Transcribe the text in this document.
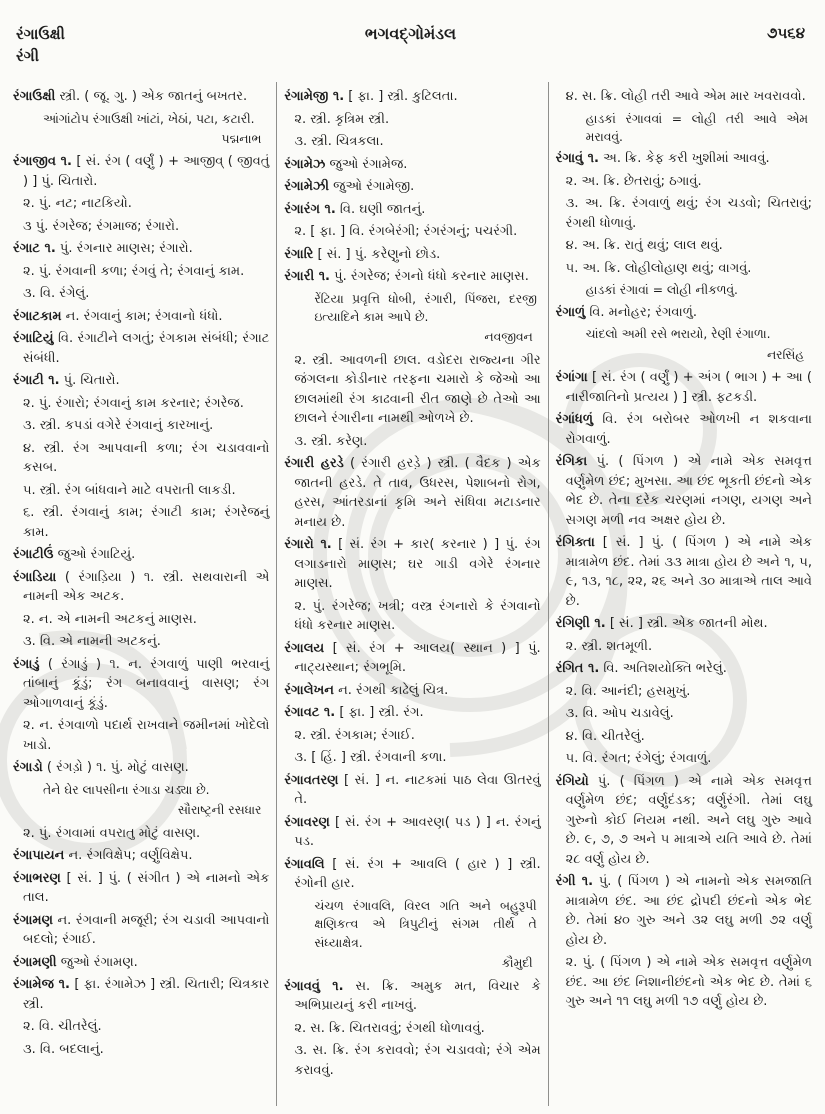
રંગાઉક્ષી
રંગી
ભગવદ્ગોમંડલ	૭૫૬૪

રંગાઉક્ષી સ્ત્રી. ( જૂ. ગુ. ) એક જાતનું બખતર.

આંગાંટોપ રંગાઉક્ષી ખાંટાં, ખેઠાં, પટા, કટારી.

પદ્મનાભ

રંગાજીવ ૧. [ સં. રંગ ( વર્ણું ) + આજીવ્ ( જીવતું ) ] પું. ચિતારો.

૨. પું. નટ; નાટકિયો.

૩ પું. રંગરેજ; રંગમાજ; રંગારો.

રંગાટ ૧. પું. રંગનાર માણસ; રંગારો.

૨. પું. રંગવાની કળા; રંગવું તે; રંગવાનું કામ.

૩. વિ. રંગેલું.

રંગાટકામ ન. રંગવાનું કામ; રંગવાનો ધંધો.

રંગાટિયું વિ. રંગાટીને લગતું; રંગકામ સંબંધી; રંગાટ સંબંધી.

રંગાટી ૧. પું. ચિતારો.

૨. પું. રંગારો; રંગવાનું કામ કરનાર; રંગરેજ.

૩. સ્ત્રી. કપડાં વગેરે રંગવાનું કારખાનું.

૪. સ્ત્રી. રંગ આપવાની કળા; રંગ ચડાવવાનો કસબ.

૫. સ્ત્રી. રંગ બાંધવાને માટે વપરાતી લાકડી.

૬. સ્ત્રી. રંગવાનું કામ; રંગાટી કામ; રંગરેજનું કામ.

રંગાટીઉં જુઓ રંગાટિયું.

રંગાડિયા ( રંગાડ઼િયા ) ૧. સ્ત્રી. સથવારાની એ નામની એક અટક.

૨. ન. એ નામની અટકનું માણસ.

૩. વિ. એ નામની અટકનું.

રંગાડું ( રંગાડું ) ૧. ન. રંગવાળું પાણી ભરવાનું તાંબાનું કૂંડું; રંગ બનાવવાનું વાસણ; રંગ ઓગાળવાનું કૂંડું.

૨. ન. રંગવાળો પદાર્થ રાખવાને જમીનમાં ખોદેલો ખાડો.

રંગાડો ( રંગડ઼ો ) ૧. પું. મોટું વાસણ.

તેને ઘેર લાપસીના રંગાડા ચડ્યા છે.

સૌરાષ્ટ્રની રસધાર

૨. પું. રંગવામાં વપરાતુ મોટું વાસણ.

રંગાપાયન ન. રંગવિક્ષેપ; વર્ણુવિક્ષેપ.

રંગાભરણ [ સં. ] પું. ( સંગીત ) એ નામનો એક તાલ.

રંગામણ ન. રંગવાની મજૂરી; રંગ ચડાવી આપવાનો બદલો; રંગાઈ.

રંગામણી જુઓ રંગામણ.

રંગામેજ ૧. [ ફા. રંગામેઝ ] સ્ત્રી. ચિતારી; ચિત્રકાર સ્ત્રી.

૨. વિ. ચીતરેલું.

૩. વિ. બદલાનું.

રંગામેજી ૧. [ ફા. ] સ્ત્રી. કુટિલતા.

૨. સ્ત્રી. કૃત્રિમ સ્ત્રી.

૩. સ્ત્રી. ચિત્રકલા.

રંગામેઝ જુઓ રંગામેજ.

રંગામેઝી જુઓ રંગામેજી.

રંગારંગ ૧. વિ. ઘણી જાતનું.

૨. [ ફા. ] વિ. રંગબેરંગી; રંગરંગનું; પચરંગી.

રંગારિ [ સં. ] પું. કરેણુનો છોડ.

રંગારી ૧. પું. રંગરેજ; રંગનો ધંધો કરનાર માણસ.

રેંટિયા પ્રવૃત્તિ ધોબી, રંગારી, પિંજરા, દરજી ઇત્યાદિને કામ આપે છે.

નવજીવન

૨. સ્ત્રી. આવળની છાલ. વડોદરા રાજ્યના ગીર જંગલના કોડીનાર તરફના ચમારો કે જેઓ આ છાલમાંથી રંગ કાઢવાની રીત જાણે છે તેઓ આ છાલને રંગારીના નામથી ઓળખે છે.

૩. સ્ત્રી. કરેણ.

રંગારી હરડે ( રંગારી હરડ઼ે ) સ્ત્રી. ( વૈદક ) એક જાતની હરડે. તે તાવ, ઉધરસ, પેશાબનો રોગ, હરસ, આંતરડાનાં કૃમિ અને સંધિવા મટાડનાર મનાય છે.

રંગારો ૧. [ સં. રંગ + કાર( કરનાર ) ] પું. રંગ લગાડનારો માણસ; ઘર ગાડી વગેરે રંગનાર માણસ.

૨. પું. રંગરેજ; ખત્રી; વસ્ત્ર રંગનારો કે રંગવાનો ધંધો કરનાર માણસ.

રંગાલય [ સં. રંગ + આલય( સ્થાન ) ] પું. નાટ્યસ્થાન; રંગભૂમિ.

રંગાલેખન ન. રંગથી કાઢેલું ચિત્ર.

રંગાવટ ૧. [ ફા. ] સ્ત્રી. રંગ.

૨. સ્ત્રી. રંગકામ; રંગાઈ.

૩. [ હિં. ] સ્ત્રી. રંગવાની કળા.

રંગાવતરણ [ સં. ] ન. નાટકમાં પાઠ લેવા ઊતરવું તે.

રંગાવરણ [ સં. રંગ + આવરણ( પડ ) ] ન. રંગનું પડ.

રંગાવલિ [ સં. રંગ + આવલિ ( હાર ) ] સ્ત્રી. રંગોની હાર.

ચંચળ રંગાવલિ, વિરલ ગતિ અને બહુરૂપી ક્ષણિકત્વ એ ત્રિપુટીનું સંગમ તીર્થ તે સંધ્યાક્ષેત્ર.

કૌમુદી

રંગાવવું ૧. સ. ક્રિ. અમુક મત, વિચાર કે અભિપ્રાયનું કરી નાખવું.

૨. સ. ક્રિ. ચિતરાવવું; રંગથી ધોળાવવું.

૩. સ. ક્રિ. રંગ કરાવવો; રંગ ચડાવવો; રંગે એમ કરાવવું.

૪. સ. ક્રિ. લોહી તરી આવે એમ માર ખવરાવવો.

હાડકાં રંગાવવાં = લોહી તરી આવે એમ મરાવવું.

રંગાવું ૧. અ. ક્રિ. કેફ કરી ખુશીમાં આવવું.

૨. અ. ક્રિ. છેતરાવું; ઠગાવું.

૩. અ. ક્રિ. રંગવાળું થવું; રંગ ચડવો; ચિતરાવું; રંગથી ધોળાવું.

૪. અ. ક્રિ. રાતું થવું; લાલ થવું.

૫. અ. ક્રિ. લોહીલોહાણ થવું; વાગવું.

હાડકાં રંગાવાં = લોહી નીકળવું.

રંગાળું વિ. મનોહર; રંગવાળું.

ચાંદલો અમી રસે ભરાયો, રેણી રંગાળા.

નરસિંહ

રંગાંગા [ સં. રંગ ( વર્ણું ) + અંગ ( ભાગ ) + આ ( નારીજાતિનો પ્રત્યય ) ] સ્ત્રી. ફટકડી.

રંગાંધળું વિ. રંગ બરોબર ઓળખી ન શકવાના રોગવાળું.

રંગિકા પું. ( પિંગળ ) એ નામે એક સમવૃત્ત વર્ણુમેળ છંદ; મુખસા. આ છંદ ભૂકતી છંદનો એક ભેદ છે. તેના દરેક ચરણમાં નગણ, યગણ અને સગણ મળી નવ અક્ષર હોય છે.

રંગિક્તા [ સં. ] પું. ( પિંગળ ) એ નામે એક માત્રામેળ છંદ. તેમાં ૩૩ માત્રા હોય છે અને ૧, ૫, ૯, ૧૩, ૧૮, ૨૨, ૨૬ અને ૩૦ માત્રાએ તાલ આવે છે.

રંગિણી ૧. [ સં. ] સ્ત્રી. એક જાતની મોથ.

૨. સ્ત્રી. શતમૂળી.

રંગિત ૧. વિ. અતિશયોક્તિ ભરેલું.

૨. વિ. આનંદી; હસમુખું.

૩. વિ. ઓપ ચડાવેલું.

૪. વિ. ચીતરેલું.

૫. વિ. રંગત; રંગેલું; રંગવાળું.

રંગિયો પું. ( પિંગળ ) એ નામે એક સમવૃત્ત વર્ણુમેળ છંદ; વર્ણુદંડક; વર્ણુરંગી. તેમાં લઘુ ગુરુનો કોઈ નિયમ નથી. અને લઘુ ગુરુ આવે છે. ૯, ૭, ૭ અને ૫ માત્રાએ યતિ આવે છે. તેમાં ૨૮ વર્ણુ હોય છે.

રંગી ૧. પું. ( પિંગળ ) એ નામનો એક સમજાતિ માત્રામેળ છંદ. આ છંદ દ્રોપદી છંદનો એક ભેદ છે. તેમાં ૪૦ ગુરુ અને ૩૨ લઘુ મળી ૭૨ વર્ણુ હોય છે.

૨. પું. ( પિંગળ ) એ નામે એક સમવૃત્ત વર્ણુમેળ છંદ. આ છંદ નિશાનીછંદનો એક ભેદ છે. તેમાં ૬ ગુરુ અને ૧૧ લઘુ મળી ૧૭ વર્ણુ હોય છે.
